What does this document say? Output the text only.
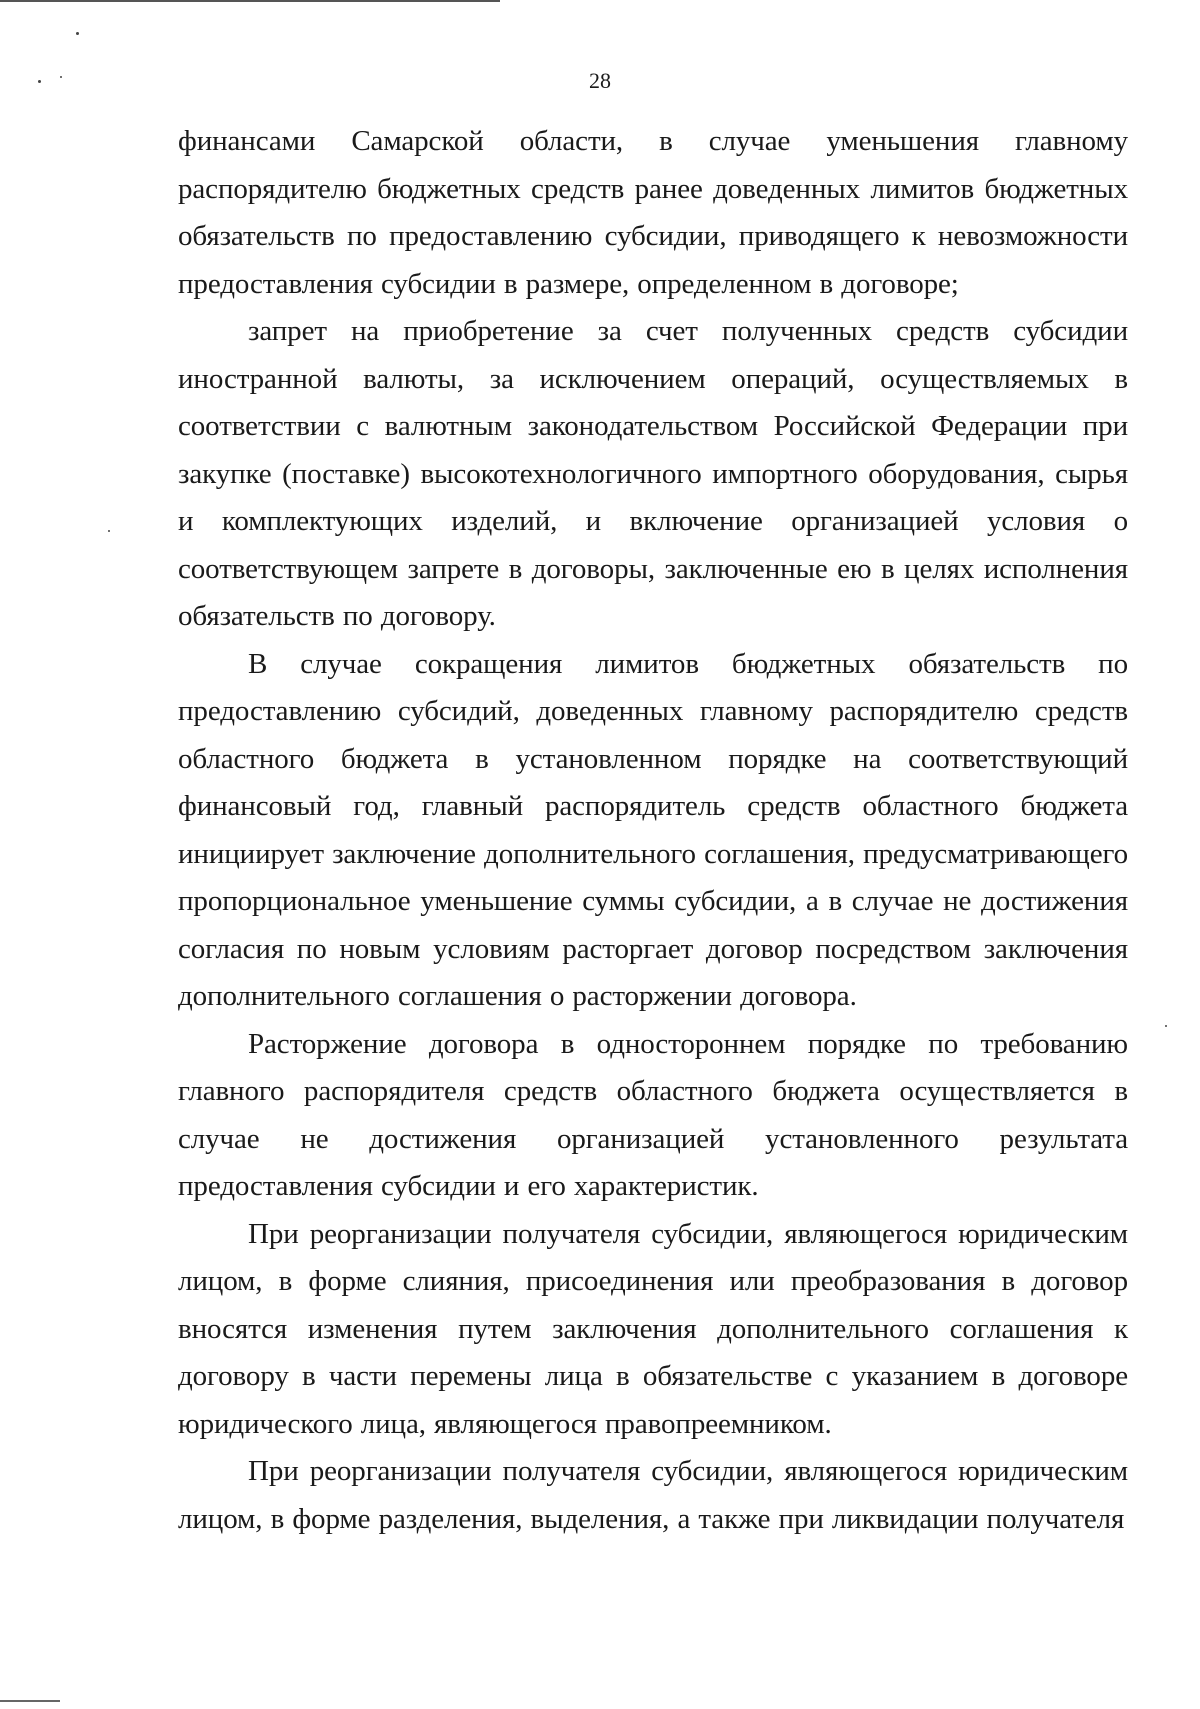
28

финансами Самарской области, в случае уменьшения главному распорядителю бюджетных средств ранее доведенных лимитов бюджетных обязательств по предоставлению субсидии, приводящего к невозможности предоставления субсидии в размере, определенном в договоре;

запрет на приобретение за счет полученных средств субсидии иностранной валюты, за исключением операций, осуществляемых в соответствии с валютным законодательством Российской Федерации при закупке (поставке) высокотехнологичного импортного оборудования, сырья и комплектующих изделий, и включение организацией условия о соответствующем запрете в договоры, заключенные ею в целях исполнения обязательств по договору.

В случае сокращения лимитов бюджетных обязательств по предоставлению субсидий, доведенных главному распорядителю средств областного бюджета в установленном порядке на соответствующий финансовый год, главный распорядитель средств областного бюджета инициирует заключение дополнительного соглашения, предусматривающего пропорциональное уменьшение суммы субсидии, а в случае не достижения согласия по новым условиям расторгает договор посредством заключения дополнительного соглашения о расторжении договора.

Расторжение договора в одностороннем порядке по требованию главного распорядителя средств областного бюджета осуществляется в случае не достижения организацией установленного результата предоставления субсидии и его характеристик.

При реорганизации получателя субсидии, являющегося юридическим лицом, в форме слияния, присоединения или преобразования в договор вносятся изменения путем заключения дополнительного соглашения к договору в части перемены лица в обязательстве с указанием в договоре юридического лица, являющегося правопреемником.

При реорганизации получателя субсидии, являющегося юридическим лицом, в форме разделения, выделения, а также при ликвидации получателя
